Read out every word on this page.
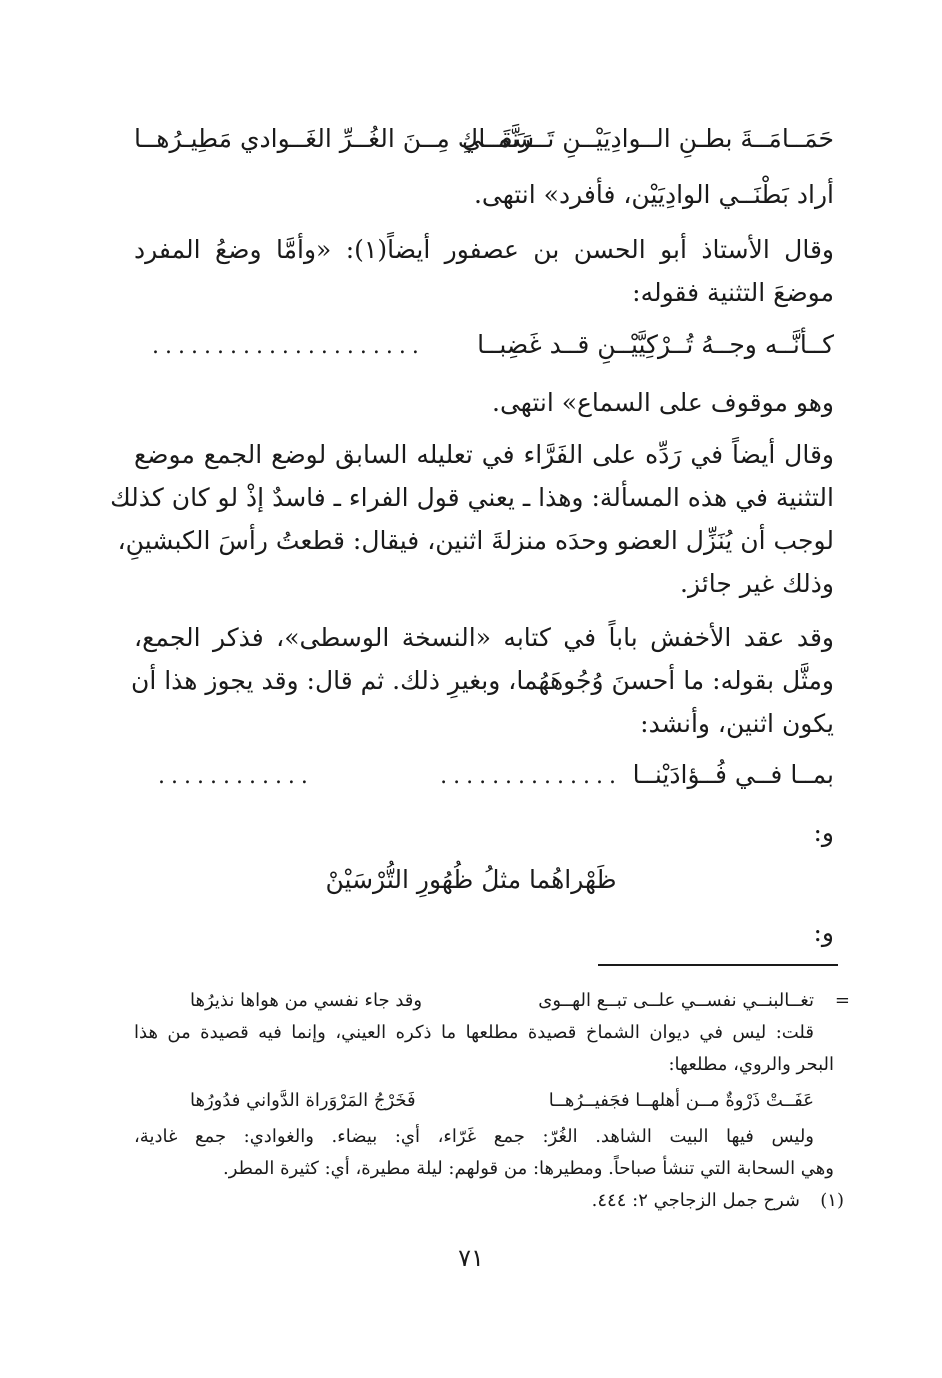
حَمَــامَــةَ بطـنِ الــوادِيَيْــنِ تَــرَنَّمــي
سَقَــاكِ مِــنَ الغُــرِّ الغَــوادي مَطِيـرُهــا
أراد بَطْنَــي الوادِيَيْن، فأفرد» انتهى.
وقال الأستاذ أبو الحسن بن عصفور أيضاً(١): «وأمَّا وضعُ المفرد
موضعَ التثنية فقوله:
كــأنَّــه وجــهُ تُــرْكِيَّيْــنِ قــد غَضِبــا
.....................
وهو موقوف على السماع» انتهى.
وقال أيضاً في رَدِّه على الفَرَّاء في تعليله السابق لوضع الجمع موضع
التثنية في هذه المسألة: وهذا ـ يعني قول الفراء ـ فاسدٌ إذْ لو كان كذلك
لوجب أن يُنَزِّل العضو وحدَه منزلةَ اثنين، فيقال: قطعتُ رأسَ الكبشينِ،
وذلك غير جائز.
وقد عقد الأخفش باباً في كتابه «النسخة الوسطى»، فذكر الجمع،
ومثَّل بقوله: ما أحسنَ وُجُوهَهُما، وبغيرِ ذلك. ثم قال: وقد يجوز هذا أن
يكون اثنين، وأنشد:
بمــا فــي فُــؤادَيْنــا
..............
............
و:
ظَهْراهُما مثلُ ظُهُورِ التُّرْسَيْنْ
و:
=
تغــالبنــي نفســي علــى تبــع الهــوى
وقد جاء نفسي من هواها نذيرُها
قلت: ليس في ديوان الشماخ قصيدة مطلعها ما ذكره العيني، وإنما فيه قصيدة من هذا
البحر والروي، مطلعها:
عَفَــتْ ذَرْوةٌ مــن أهلهــا فجَفيــرُهــا
فَخَرْجُ المَرْوَراة الدَّواني فدُورُها
وليس فيها البيت الشاهد. الغُرّ: جمع غَرّاء، أي: بيضاء. والغوادي: جمع غادية،
وهي السحابة التي تنشأ صباحاً. ومطيرها: من قولهم: ليلة مطيرة، أي: كثيرة المطر.
(١)
شرح جمل الزجاجي ٢: ٤٤٤.
٧١
